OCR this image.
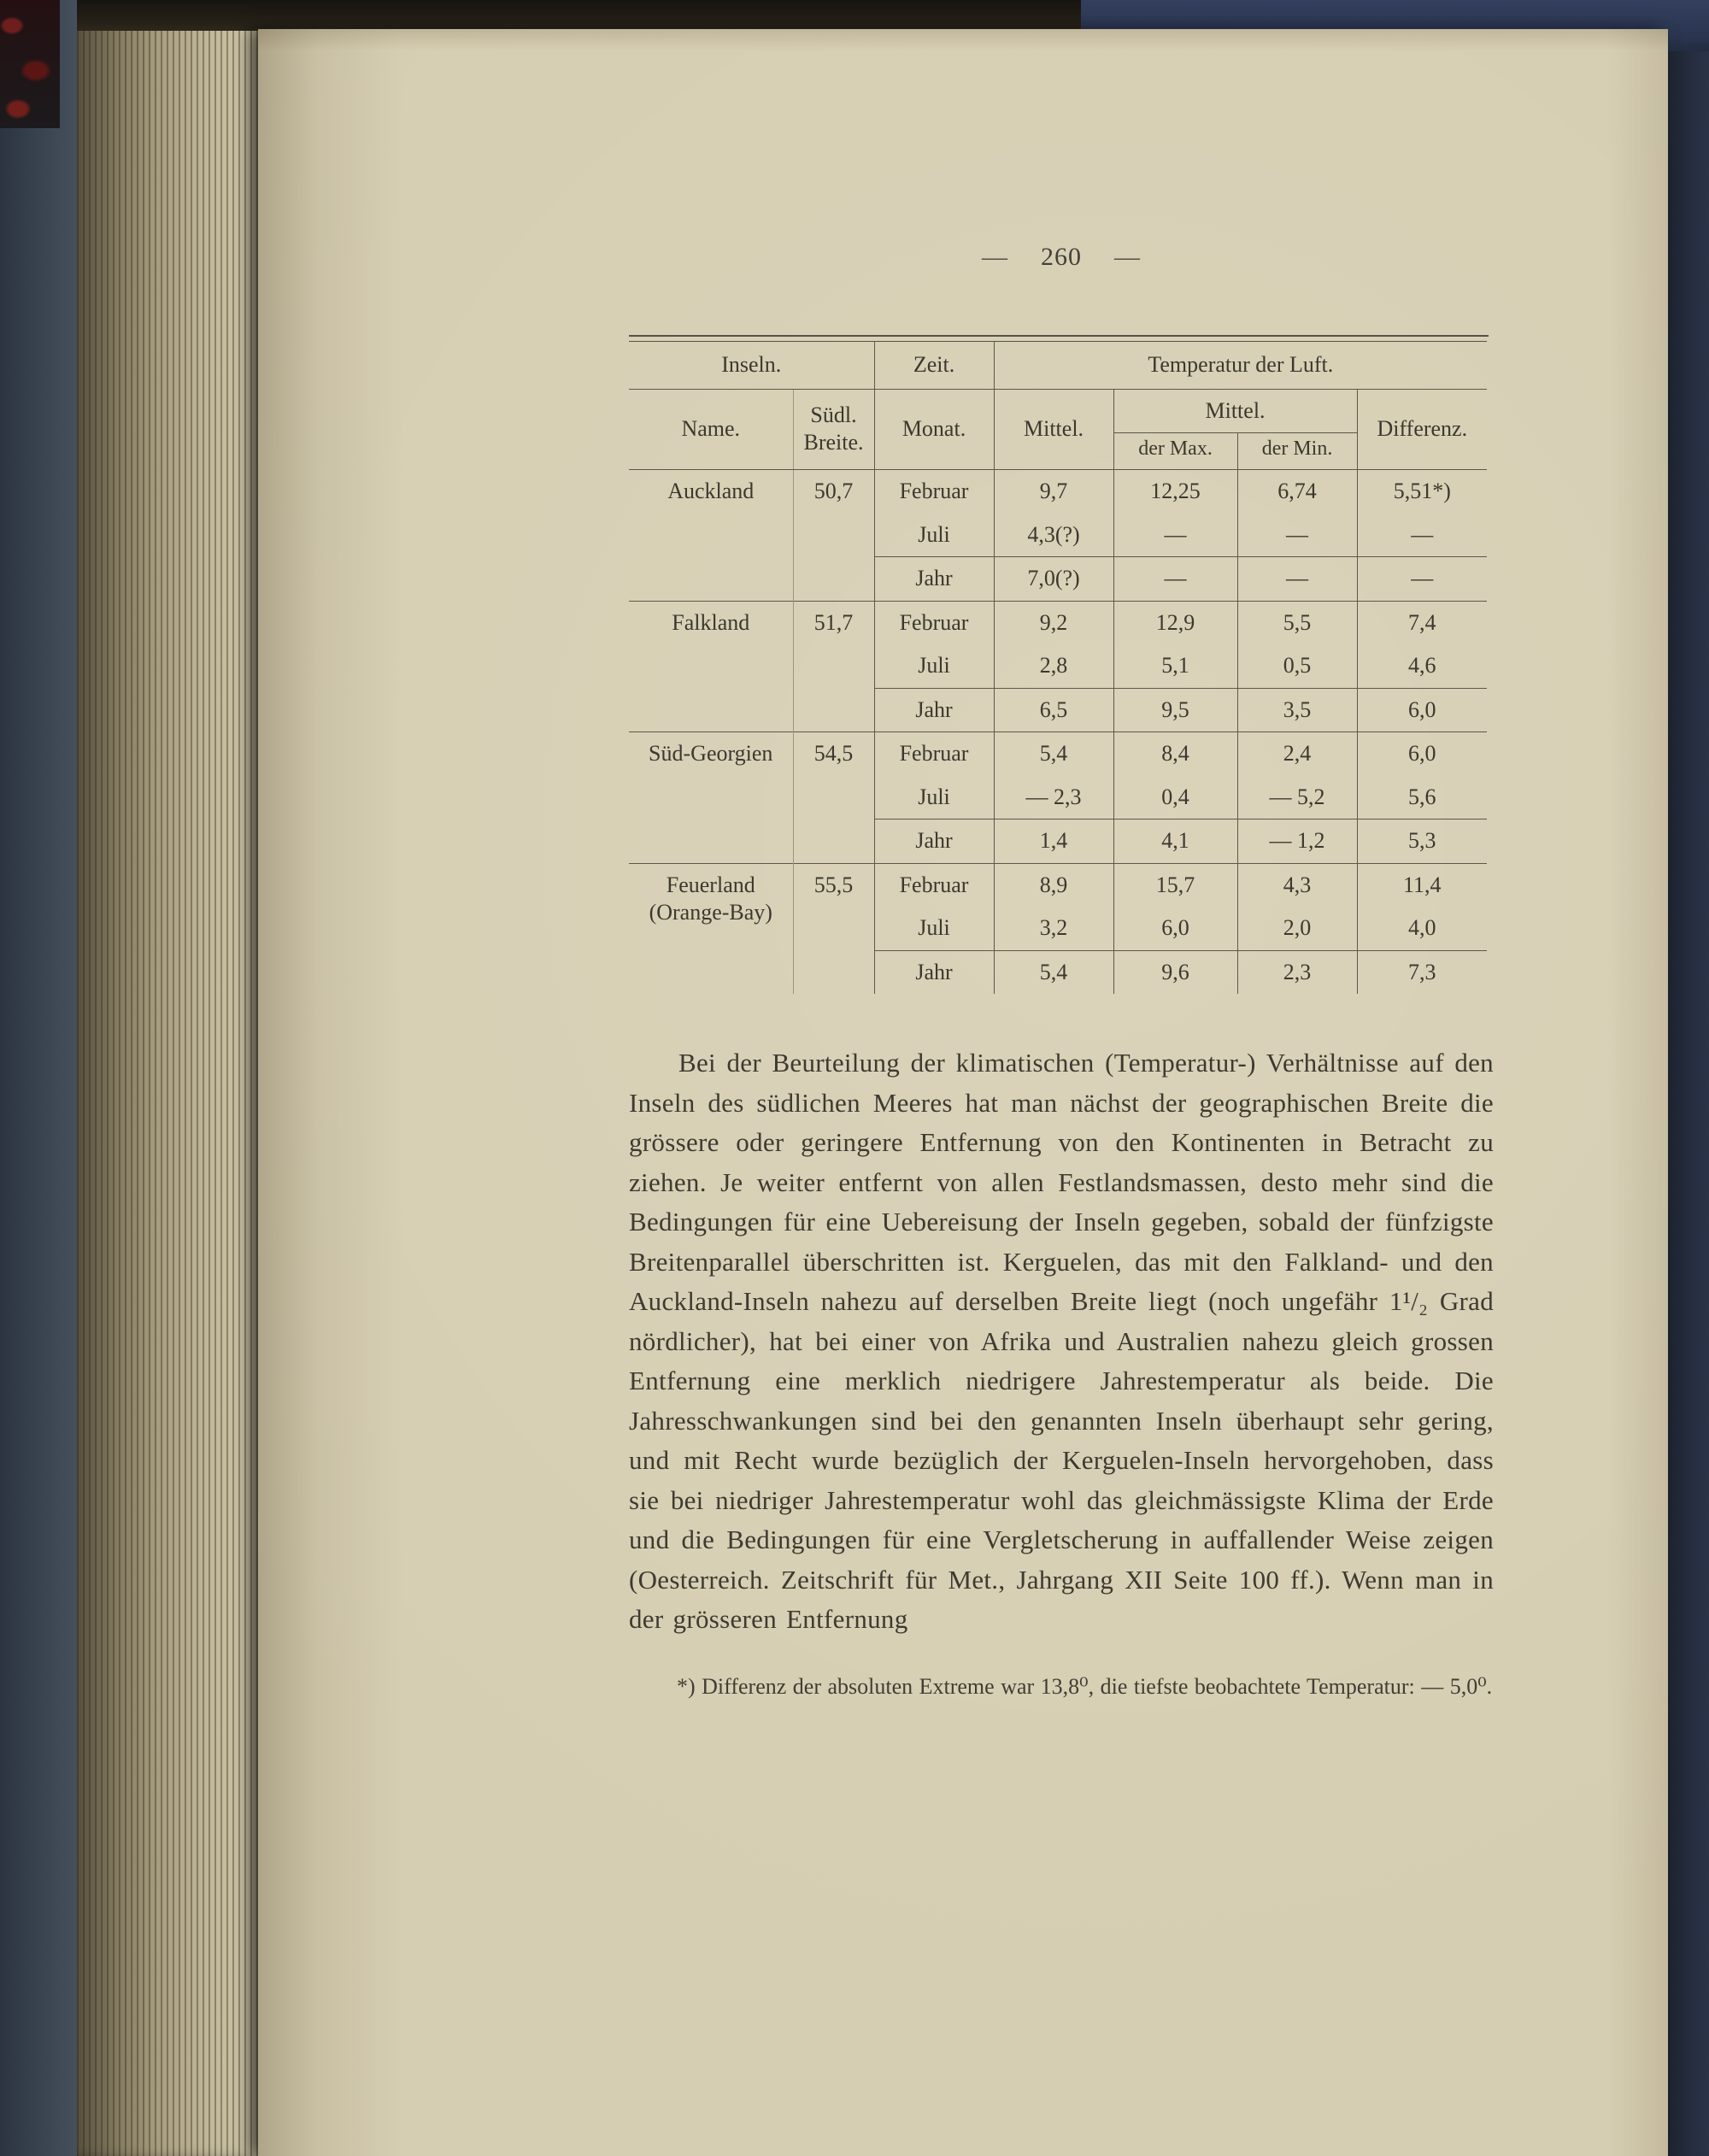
— 260 —
Inseln.		Zeit.	Temperatur der Luft.			
Name.	Südl. Breite.	Monat.	Mittel.	Mittel.		Differenz.
				der Max.	der Min.	

Auckland	50,7	Februar	9,7	12,25	6,74	5,51*)
		Juli	4,3(?)	—	—	—
		Jahr	7,0(?)	—	—	—

Falkland	51,7	Februar	9,2	12,9	5,5	7,4
		Juli	2,8	5,1	0,5	4,6
		Jahr	6,5	9,5	3,5	6,0

Süd-Georgien	54,5	Februar	5,4	8,4	2,4	6,0
		Juli	— 2,3	0,4	— 5,2	5,6
		Jahr	1,4	4,1	— 1,2	5,3

Feuerland
(Orange-Bay)	55,5	Februar	8,9	15,7	4,3	11,4
		Juli	3,2	6,0	2,0	4,0
		Jahr	5,4	9,6	2,3	7,3

Bei der Beurteilung der klimatischen (Temperatur-) Verhältnisse auf den Inseln des südlichen Meeres hat man nächst der geographischen Breite die grössere oder geringere Entfernung von den Kontinenten in Betracht zu ziehen. Je weiter entfernt von allen Festlandsmassen, desto mehr sind die Bedingungen für eine Uebereisung der Inseln gegeben, sobald der fünfzigste Breitenparallel überschritten ist. Kerguelen, das mit den Falkland- und den Auckland-Inseln nahezu auf derselben Breite liegt (noch ungefähr 1¹/₂ Grad nördlicher), hat bei einer von Afrika und Australien nahezu gleich grossen Entfernung eine merklich niedrigere Jahrestemperatur als beide. Die Jahresschwankungen sind bei den genannten Inseln überhaupt sehr gering, und mit Recht wurde bezüglich der Kerguelen-Inseln hervorgehoben, dass sie bei niedriger Jahrestemperatur wohl das gleichmässigste Klima der Erde und die Bedingungen für eine Vergletscherung in auffallender Weise zeigen (Oesterreich. Zeitschrift für Met., Jahrgang XII Seite 100 ff.). Wenn man in der grösseren Entfernung

*) Differenz der absoluten Extreme war 13,8⁰, die tiefste beobachtete Temperatur: — 5,0⁰.
